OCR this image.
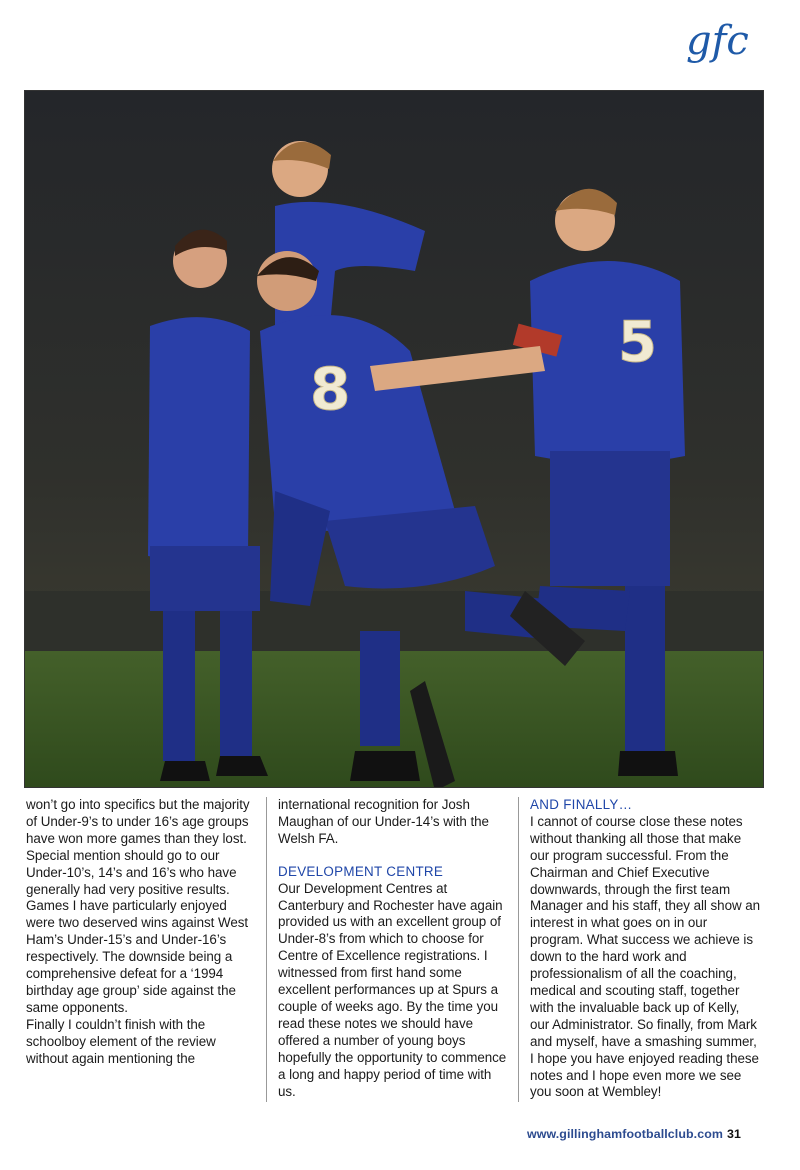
gfc
8
5

won’t go into specifics but the majority of Under-9’s to under 16’s age groups have won more games than they lost. Special mention should go to our Under-10’s, 14’s and 16’s who have generally had very positive results. Games I have particularly enjoyed were two deserved wins against West Ham’s Under-15’s and Under-16’s respectively. The downside being a comprehensive defeat for a ‘1994 birthday age group’ side against the same opponents.

Finally I couldn’t finish with the schoolboy element of the review without again mentioning the

international recognition for Josh Maughan of our Under-14’s with the Welsh FA.

DEVELOPMENT CENTRE

Our Development Centres at Canterbury and Rochester have again provided us with an excellent group of Under-8’s from which to choose for Centre of Excellence registrations. I witnessed from first hand some excellent performances up at Spurs a couple of weeks ago. By the time you read these notes we should have offered a number of young boys hopefully the opportunity to commence a long and happy period of time with us.

AND FINALLY…

I cannot of course close these notes without thanking all those that make our program successful. From the Chairman and Chief Executive downwards, through the first team Manager and his staff, they all show an interest in what goes on in our program. What success we achieve is down to the hard work and professionalism of all the coaching, medical and scouting staff, together with the invaluable back up of Kelly, our Administrator. So finally, from Mark and myself, have a smashing summer, I hope you have enjoyed reading these notes and I hope even more we see you soon at Wembley!

www.gillinghamfootballclub.com 31
